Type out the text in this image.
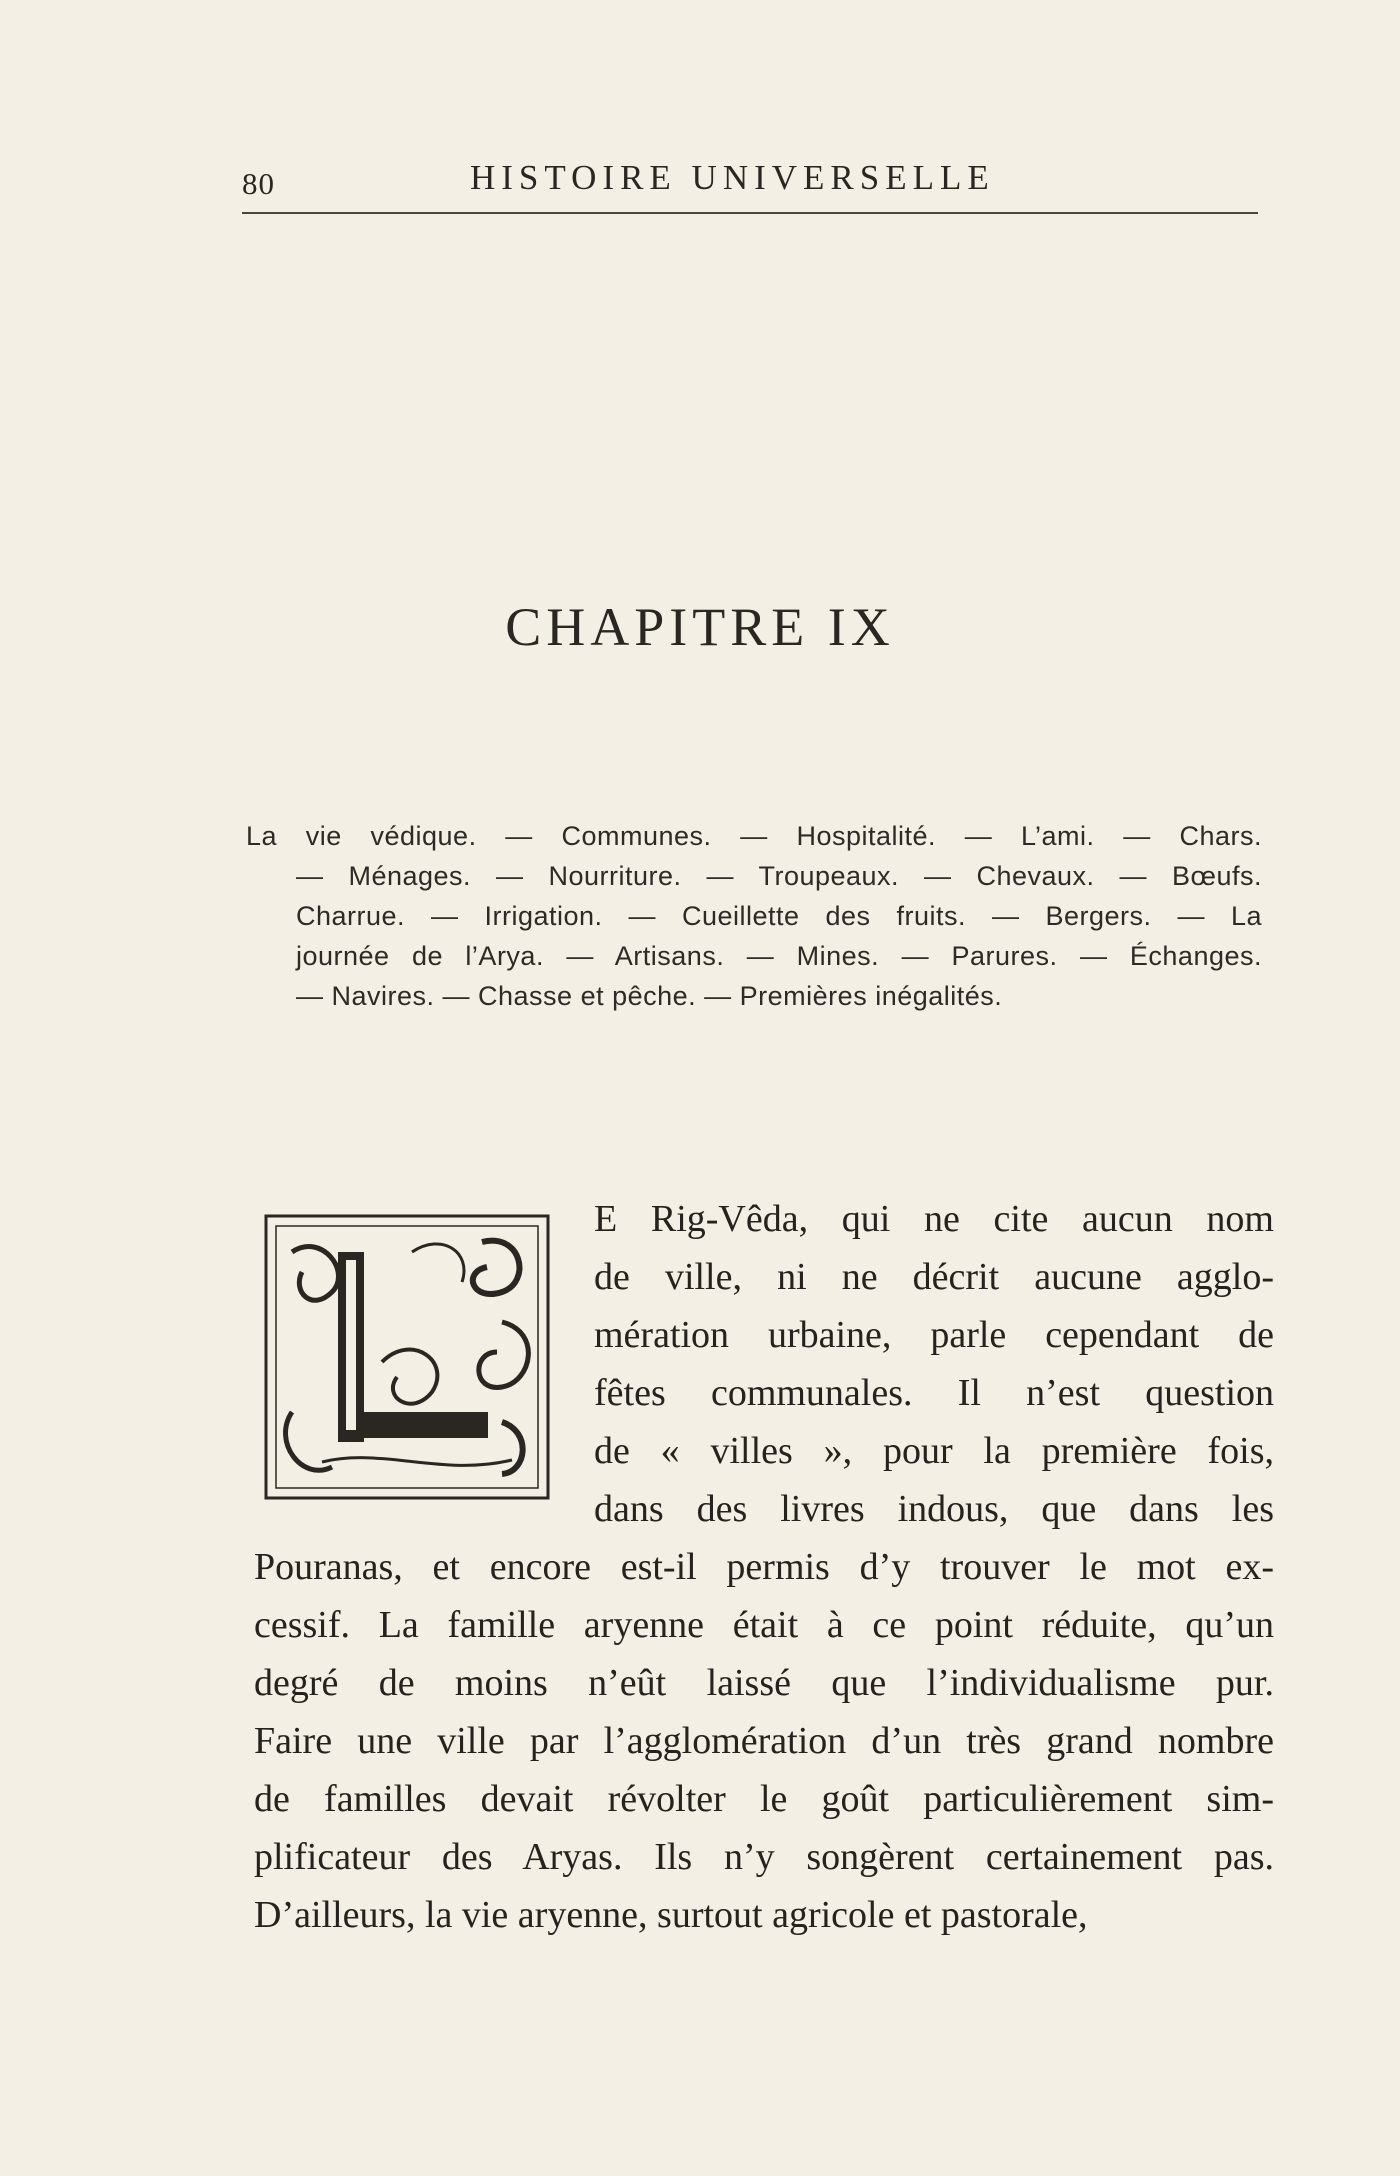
80	HISTOIRE UNIVERSELLE
CHAPITRE IX
La vie védique. — Communes. — Hospitalité. — L’ami. — Chars.
— Ménages. — Nourriture. — Troupeaux. — Chevaux. — Bœufs.
Charrue. — Irrigation. — Cueillette des fruits. — Bergers. — La
journée de l’Arya. — Artisans. — Mines. — Parures. — Échanges.
— Navires. — Chasse et pêche. — Premières inégalités.
L
E Rig-Vêda, qui ne cite aucun nom
de ville, ni ne décrit aucune agglo-
mération urbaine, parle cependant de
fêtes communales. Il n’est question
de « villes », pour la première fois,
dans des livres indous, que dans les
Pouranas, et encore est-il permis d’y trouver le mot ex-
cessif. La famille aryenne était à ce point réduite, qu’un
degré de moins n’eût laissé que l’individualisme pur.
Faire une ville par l’agglomération d’un très grand nombre
de familles devait révolter le goût particulièrement sim-
plificateur des Aryas. Ils n’y songèrent certainement pas.
D’ailleurs, la vie aryenne, surtout agricole et pastorale,
